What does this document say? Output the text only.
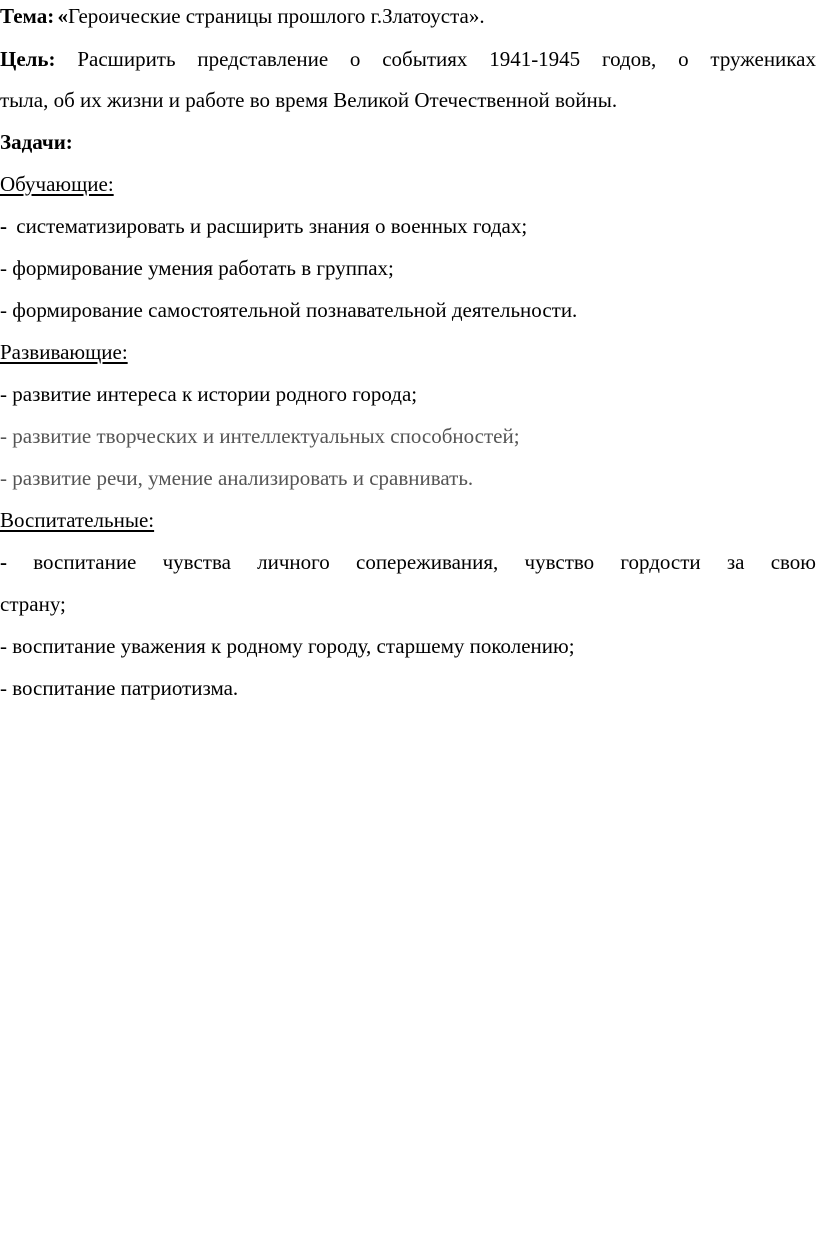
Тема: «Героические страницы прошлого г.Златоуста».
Цель: Расширить представление о событиях 1941-1945 годов, о тружениках
тыла, об их жизни и работе во время Великой Отечественной войны.
Задачи:
Обучающие:
- систематизировать и расширить знания о военных годах;
- формирование умения работать в группах;
- формирование самостоятельной познавательной деятельности.
Развивающие:
- развитие интереса к истории родного города;
- развитие творческих и интеллектуальных способностей;
- развитие речи, умение анализировать и сравнивать.
Воспитательные:
- воспитание чувства личного сопереживания, чувство гордости за свою
страну;
- воспитание уважения к родному городу, старшему поколению;
- воспитание патриотизма.
